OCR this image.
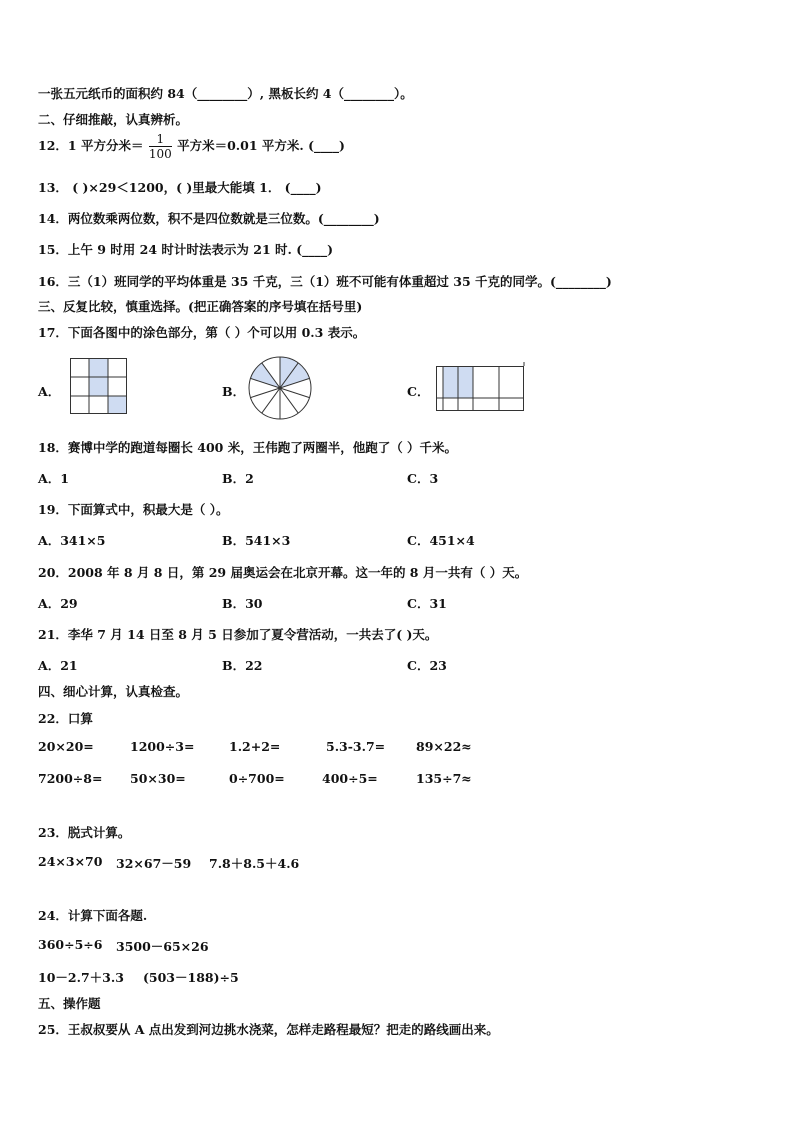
一张五元纸币的面积约 84（________）, 黑板长约 4（________）。
二、仔细推敲，认真辨析。
12．1 平方分米＝ $\frac{1}{100}$ 平方米＝0.01 平方米. (____)
13． ( )×29＜1200，( )里最大能填 1． (____)
14．两位数乘两位数，积不是四位数就是三位数。(________)
15．上午 9 时用 24 时计时法表示为 21 时. (____)
16．三（1）班同学的平均体重是 35 千克，三（1）班不可能有体重超过 35 千克的同学。(________)
三、反复比较，慎重选择。(把正确答案的序号填在括号里)
17．下面各图中的涂色部分，第（ ）个可以用 0.3 表示。
A．	B．	C．
18．赛博中学的跑道每圈长 400 米，王伟跑了两圈半，他跑了（ ）千米。
A．1	B．2	C．3
19．下面算式中，积最大是（ ）。
A．341×5	B．541×3	C．451×4
20．2008 年 8 月 8 日，第 29 届奥运会在北京开幕。这一年的 8 月一共有（ ）天。
A．29	B．30	C．31
21．李华 7 月 14 日至 8 月 5 日参加了夏令营活动，一共去了( )天。
A．21	B．22	C．23
四、细心计算，认真检查。
22．口算
20×20=	1200÷3=	1.2+2=	5.3-3.7= 89×22≈
7200÷8= 50×30=	0÷700=	400÷5=	135÷7≈
23．脱式计算。
24×3×70 32×67－59 7.8＋8.5＋4.6
24．计算下面各题.
360÷5÷6 3500－65×26
10－2.7＋3.3 (503－188)÷5
五、操作题
25．王叔叔要从 A 点出发到河边挑水浇菜，怎样走路程最短？把走的路线画出来。
